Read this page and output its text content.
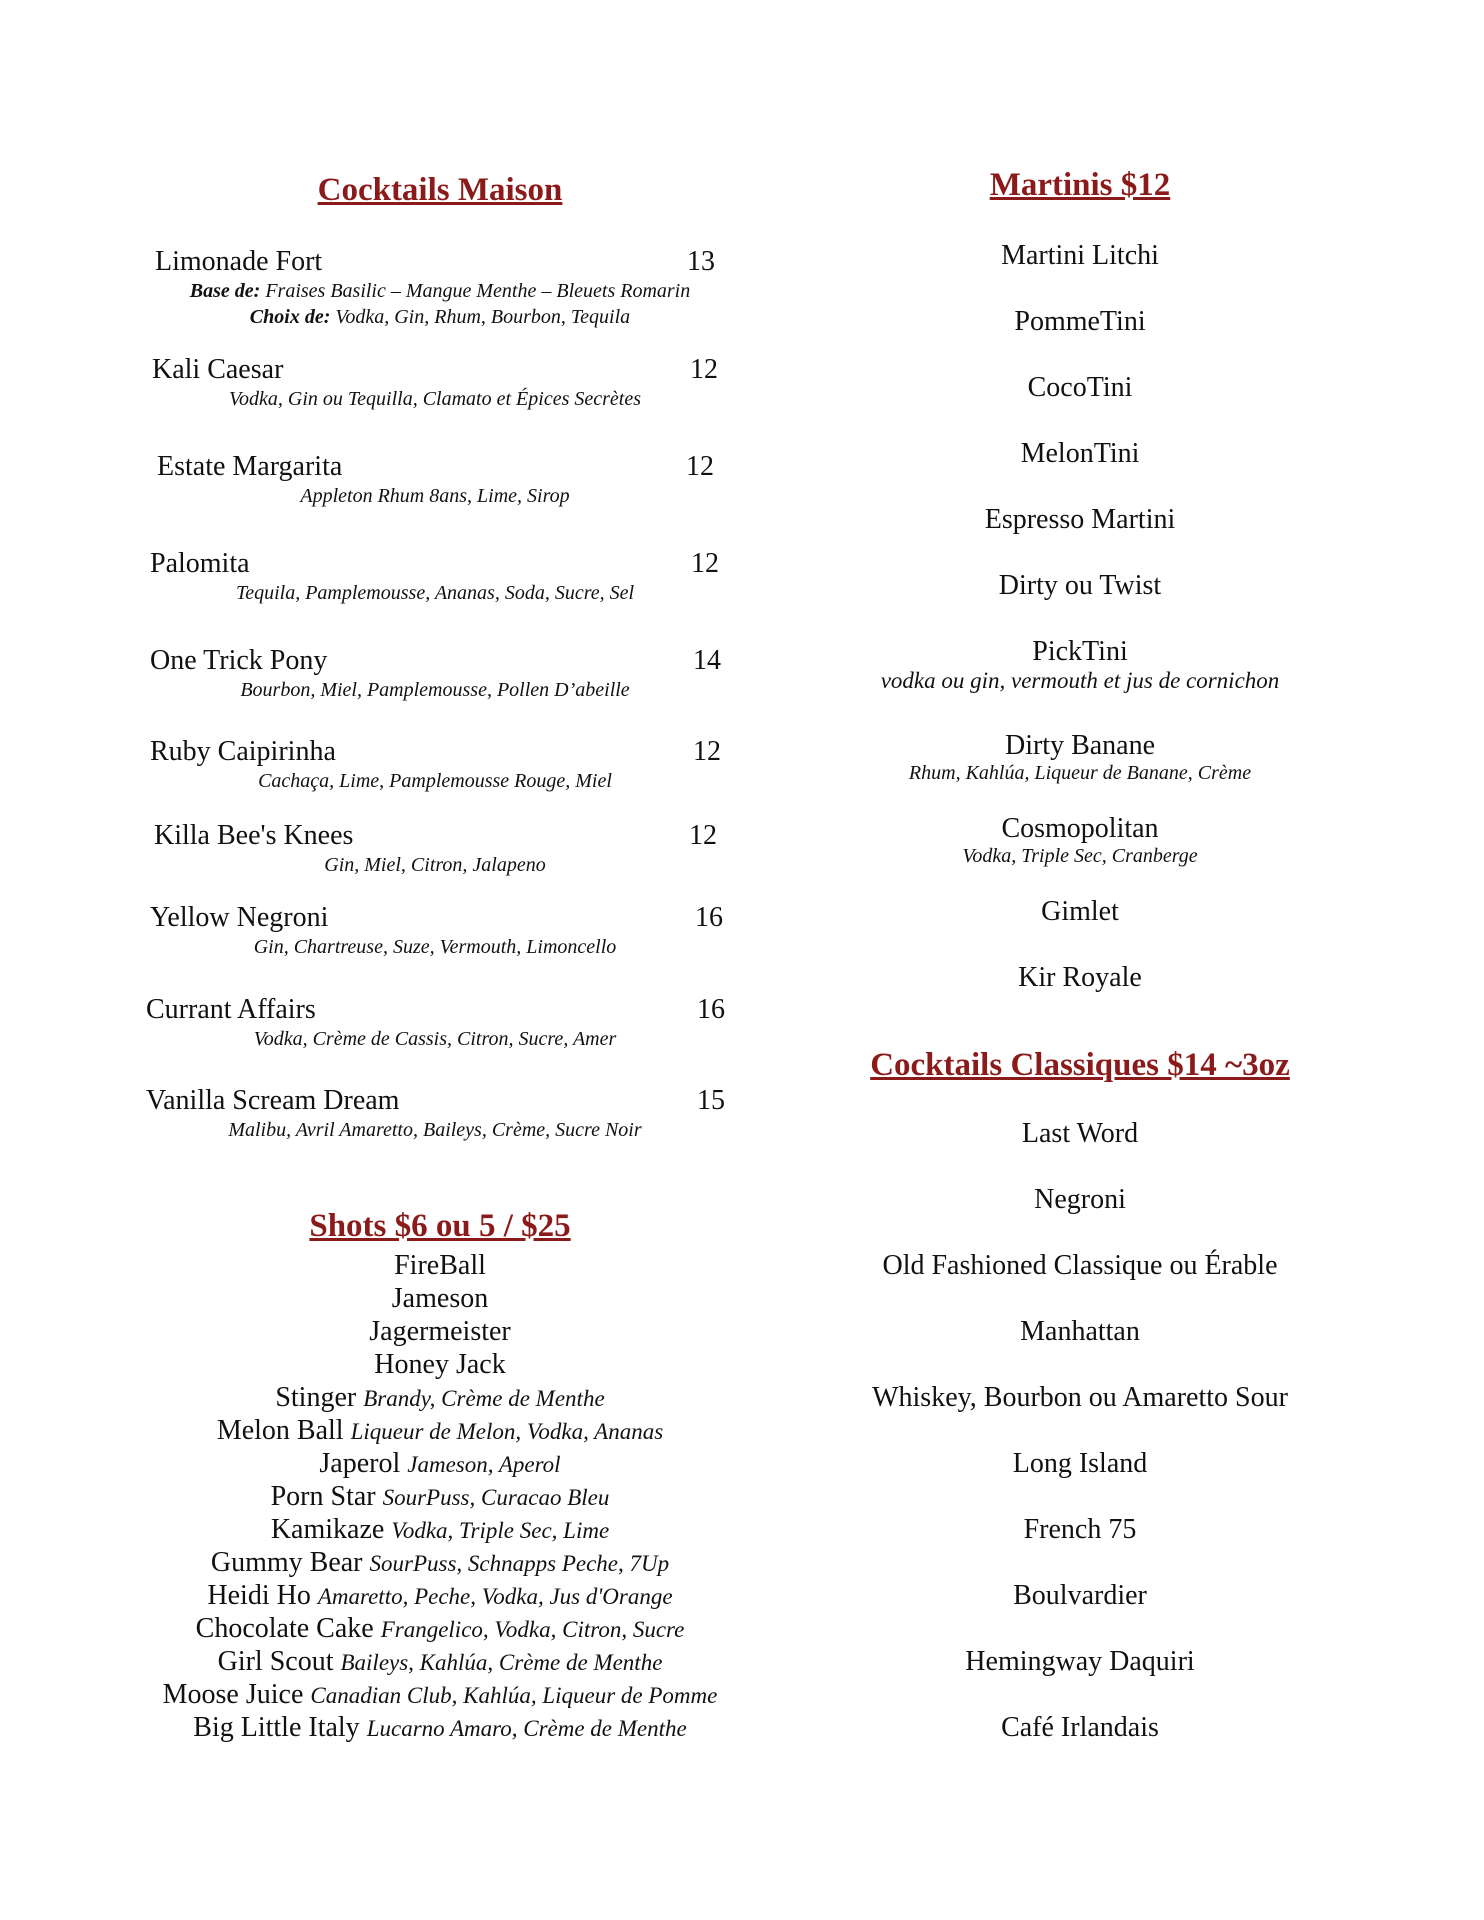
Cocktails Maison
Limonade Fort	13
Base de: Fraises Basilic – Mangue Menthe – Bleuets Romarin
Choix de: Vodka, Gin, Rhum, Bourbon, Tequila
Kali Caesar	12
Vodka, Gin ou Tequilla, Clamato et Épices Secrètes
Estate Margarita	12
Appleton Rhum 8ans, Lime, Sirop
Palomita	12
Tequila, Pamplemousse, Ananas, Soda, Sucre, Sel
One Trick Pony	14
Bourbon, Miel, Pamplemousse, Pollen D’abeille
Ruby Caipirinha	12
Cachaça, Lime, Pamplemousse Rouge, Miel
Killa Bee's Knees	12
Gin, Miel, Citron, Jalapeno
Yellow Negroni	16
Gin, Chartreuse, Suze, Vermouth, Limoncello
Currant Affairs	16
Vodka, Crème de Cassis, Citron, Sucre, Amer
Vanilla Scream Dream	15
Malibu, Avril Amaretto, Baileys, Crème, Sucre Noir
Shots $6 ou 5 / $25
FireBall
Jameson
Jagermeister
Honey Jack
Stinger Brandy, Crème de Menthe
Melon Ball Liqueur de Melon, Vodka, Ananas
Japerol Jameson, Aperol
Porn Star SourPuss, Curacao Bleu
Kamikaze Vodka, Triple Sec, Lime
Gummy Bear SourPuss, Schnapps Peche, 7Up
Heidi Ho Amaretto, Peche, Vodka, Jus d'Orange
Chocolate Cake Frangelico, Vodka, Citron, Sucre
Girl Scout Baileys, Kahlúa, Crème de Menthe
Moose Juice Canadian Club, Kahlúa, Liqueur de Pomme
Big Little Italy Lucarno Amaro, Crème de Menthe
Martinis $12
Martini Litchi
PommeTini
CocoTini
MelonTini
Espresso Martini
Dirty ou Twist
PickTini
vodka ou gin, vermouth et jus de cornichon
Dirty Banane
Rhum, Kahlúa, Liqueur de Banane, Crème
Cosmopolitan
Vodka, Triple Sec, Cranberge
Gimlet
Kir Royale
Cocktails Classiques $14 ~3oz
Last Word
Negroni
Old Fashioned Classique ou Érable
Manhattan
Whiskey, Bourbon ou Amaretto Sour
Long Island
French 75
Boulvardier
Hemingway Daquiri
Café Irlandais
